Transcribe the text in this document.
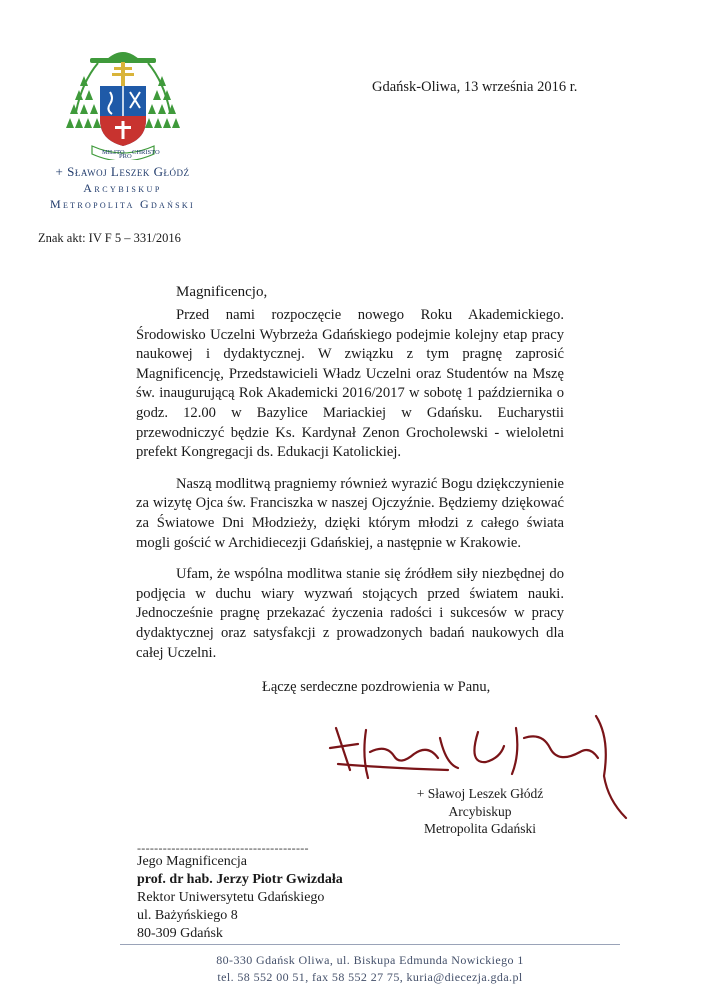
MILITO
PRO
CHRISTO
+ Sławoj Leszek Głódź
Arcybiskup
Metropolita Gdański
Gdańsk-Oliwa, 13 września 2016 r.
Znak akt: IV F 5 – 331/2016
Magnificencjo,

Przed nami rozpoczęcie nowego Roku Akademickiego. Środowisko Uczelni Wybrzeża Gdańskiego podejmie kolejny etap pracy naukowej i dydaktycznej. W związku z tym pragnę zaprosić Magnificencję, Przedstawicieli Władz Uczelni oraz Studentów na Mszę św. inaugurującą Rok Akademicki 2016/2017 w sobotę 1 października o godz. 12.00 w Bazylice Mariackiej w Gdańsku. Eucharystii przewodniczyć będzie Ks. Kardynał Zenon Grocholewski - wieloletni prefekt Kongregacji ds. Edukacji Katolickiej.

Naszą modlitwą pragniemy również wyrazić Bogu dziękczynienie za wizytę Ojca św. Franciszka w naszej Ojczyźnie. Będziemy dziękować za Światowe Dni Młodzieży, dzięki którym młodzi z całego świata mogli gościć w Archidiecezji Gdańskiej, a następnie w Krakowie.

Ufam, że wspólna modlitwa stanie się źródłem siły niezbędnej do podjęcia w duchu wiary wyzwań stojących przed światem nauki. Jednocześnie pragnę przekazać życzenia radości i sukcesów w pracy dydaktycznej oraz satysfakcji z prowadzonych badań naukowych dla całej Uczelni.

Łączę serdeczne pozdrowienia w Panu,
+ Sławoj Leszek Głódź
Arcybiskup
Metropolita Gdański
----------------------------------------
Jego Magnificencja
prof. dr hab. Jerzy Piotr Gwizdała
Rektor Uniwersytetu Gdańskiego
ul. Bażyńskiego 8
80-309 Gdańsk
80-330 Gdańsk Oliwa, ul. Biskupa Edmunda Nowickiego 1
tel. 58 552 00 51, fax 58 552 27 75, kuria@diecezja.gda.pl
